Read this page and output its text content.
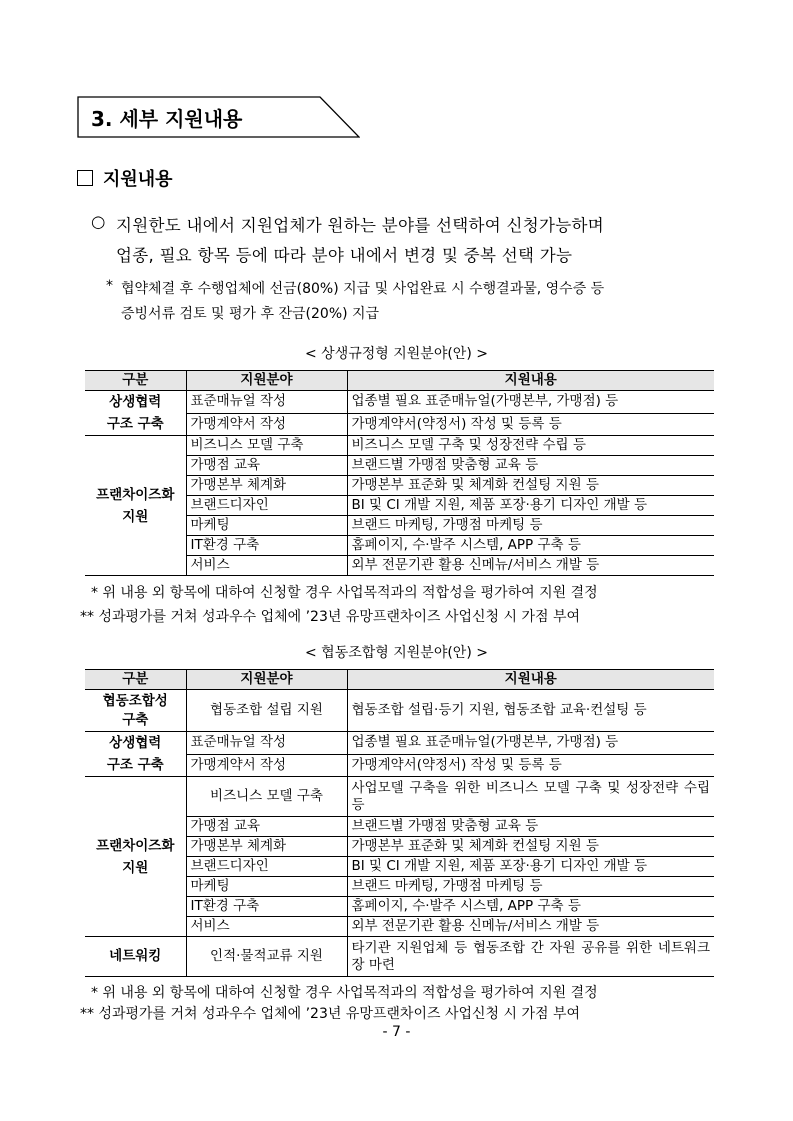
3. 세부 지원내용
지원내용
○ 지원한도 내에서 지원업체가 원하는 분야를 선택하여 신청가능하며
업종, 필요 항목 등에 따라 분야 내에서 변경 및 중복 선택 가능
* 협약체결 후 수행업체에 선금(80%) 지급 및 사업완료 시 수행결과물, 영수증 등
증빙서류 검토 및 평가 후 잔금(20%) 지급
< 상생규정형 지원분야(안) >
구분	지원분야	지원내용
상생협력
구조 구축	표준매뉴얼 작성	업종별 필요 표준매뉴얼(가맹본부, 가맹점) 등
	가맹계약서 작성	가맹계약서(약정서) 작성 및 등록 등
프랜차이즈화
지원	비즈니스 모델 구축	비즈니스 모델 구축 및 성장전략 수립 등
	가맹점 교육	브랜드별 가맹점 맞춤형 교육 등
	가맹본부 체계화	가맹본부 표준화 및 체계화 컨설팅 지원 등
	브랜드디자인	BI 및 CI 개발 지원, 제품 포장·용기 디자인 개발 등
	마케팅	브랜드 마케팅, 가맹점 마케팅 등
	IT환경 구축	홈페이지, 수·발주 시스템, APP 구축 등
	서비스	외부 전문기관 활용 신메뉴/서비스 개발 등
* 위 내용 외 항목에 대하여 신청할 경우 사업목적과의 적합성을 평가하여 지원 결정
** 성과평가를 거쳐 성과우수 업체에 ’23년 유망프랜차이즈 사업신청 시 가점 부여
< 협동조합형 지원분야(안) >
구분	지원분야	지원내용
협동조합성
구축	협동조합 설립 지원	협동조합 설립·등기 지원, 협동조합 교육·컨설팅 등
상생협력
구조 구축	표준매뉴얼 작성	업종별 필요 표준매뉴얼(가맹본부, 가맹점) 등
	가맹계약서 작성	가맹계약서(약정서) 작성 및 등록 등
프랜차이즈화
지원	비즈니스 모델 구축	사업모델 구축을 위한 비즈니스 모델 구축 및 성장전략 수립 등
	가맹점 교육	브랜드별 가맹점 맞춤형 교육 등
	가맹본부 체계화	가맹본부 표준화 및 체계화 컨설팅 지원 등
	브랜드디자인	BI 및 CI 개발 지원, 제품 포장·용기 디자인 개발 등
	마케팅	브랜드 마케팅, 가맹점 마케팅 등
	IT환경 구축	홈페이지, 수·발주 시스템, APP 구축 등
	서비스	외부 전문기관 활용 신메뉴/서비스 개발 등
네트워킹	인적·물적교류 지원	타기관 지원업체 등 협동조합 간 자원 공유를 위한 네트워크 장 마련
* 위 내용 외 항목에 대하여 신청할 경우 사업목적과의 적합성을 평가하여 지원 결정
** 성과평가를 거쳐 성과우수 업체에 ’23년 유망프랜차이즈 사업신청 시 가점 부여
- 7 -
